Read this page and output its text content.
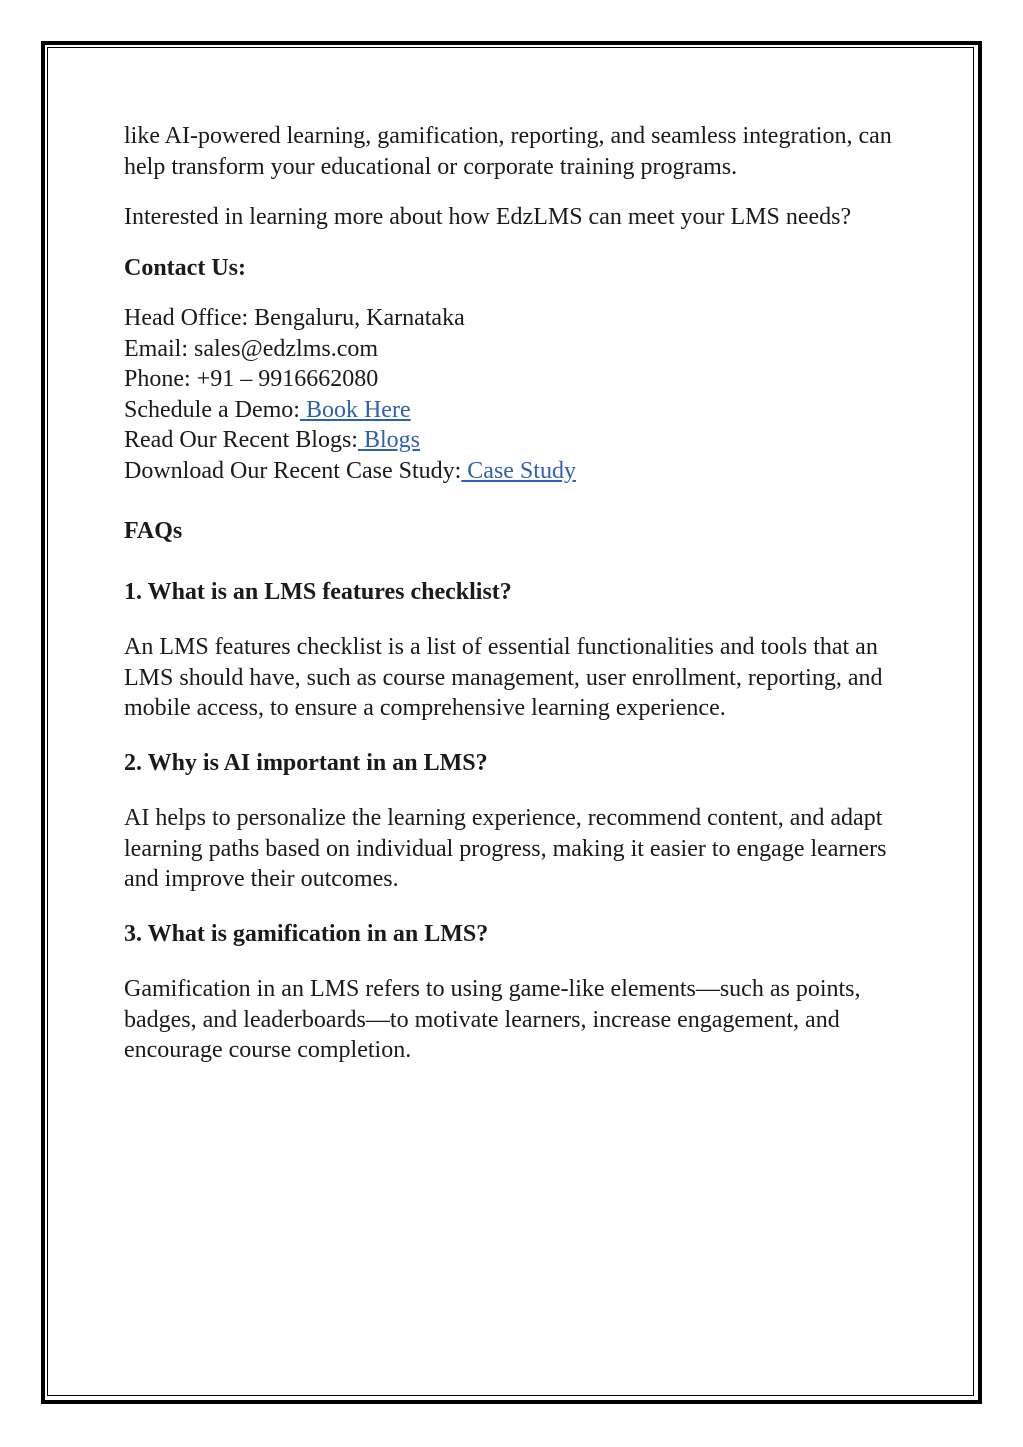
like AI-powered learning, gamification, reporting, and seamless integration, can help transform your educational or corporate training programs.

Interested in learning more about how EdzLMS can meet your LMS needs?

Contact Us:

Head Office: Bengaluru, Karnataka
Email: sales@edzlms.com
Phone: +91 – 9916662080
Schedule a Demo: Book Here
Read Our Recent Blogs: Blogs
Download Our Recent Case Study: Case Study

FAQs

1. What is an LMS features checklist?

An LMS features checklist is a list of essential functionalities and tools that an LMS should have, such as course management, user enrollment, reporting, and mobile access, to ensure a comprehensive learning experience.

2. Why is AI important in an LMS?

AI helps to personalize the learning experience, recommend content, and adapt learning paths based on individual progress, making it easier to engage learners and improve their outcomes.

3. What is gamification in an LMS?

Gamification in an LMS refers to using game-like elements—such as points, badges, and leaderboards—to motivate learners, increase engagement, and encourage course completion.
